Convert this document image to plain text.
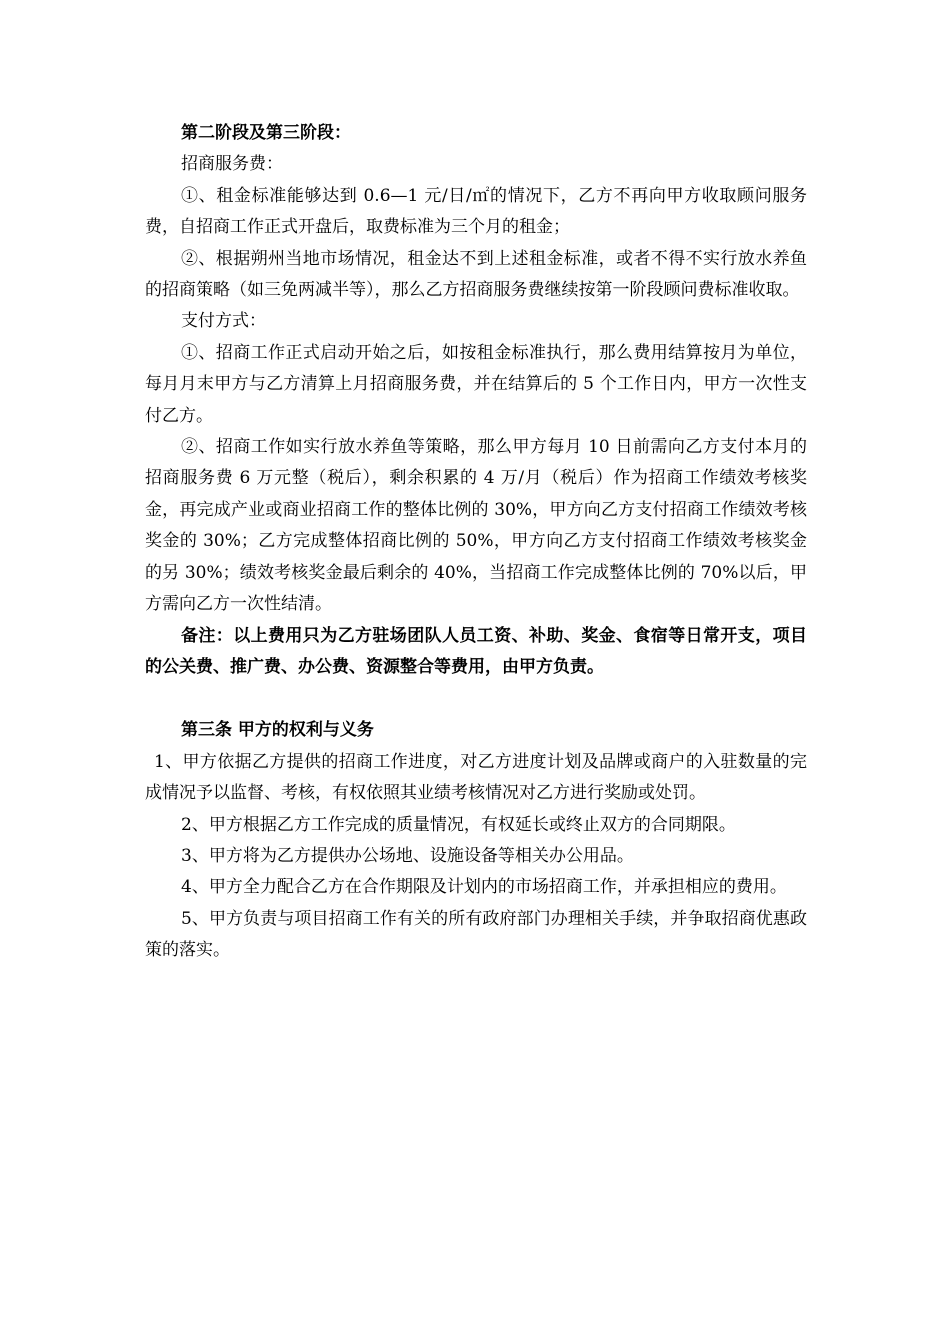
第二阶段及第三阶段：

招商服务费：

①、租金标准能够达到 0.6—1 元/日/㎡的情况下，乙方不再向甲方收取顾问服务费，自招商工作正式开盘后，取费标准为三个月的租金；

②、根据朔州当地市场情况，租金达不到上述租金标准，或者不得不实行放水养鱼的招商策略（如三免两减半等），那么乙方招商服务费继续按第一阶段顾问费标准收取。

支付方式：

①、招商工作正式启动开始之后，如按租金标准执行，那么费用结算按月为单位，每月月末甲方与乙方清算上月招商服务费，并在结算后的 5 个工作日内，甲方一次性支付乙方。

②、招商工作如实行放水养鱼等策略，那么甲方每月 10 日前需向乙方支付本月的招商服务费 6 万元整（税后），剩余积累的 4 万/月（税后）作为招商工作绩效考核奖金，再完成产业或商业招商工作的整体比例的 30%，甲方向乙方支付招商工作绩效考核奖金的 30%；乙方完成整体招商比例的 50%，甲方向乙方支付招商工作绩效考核奖金的另 30%；绩效考核奖金最后剩余的 40%，当招商工作完成整体比例的 70%以后，甲方需向乙方一次性结清。

备注：以上费用只为乙方驻场团队人员工资、补助、奖金、食宿等日常开支，项目的公关费、推广费、办公费、资源整合等费用，由甲方负责。

第三条 甲方的权利与义务

1、甲方依据乙方提供的招商工作进度，对乙方进度计划及品牌或商户的入驻数量的完成情况予以监督、考核，有权依照其业绩考核情况对乙方进行奖励或处罚。

2、甲方根据乙方工作完成的质量情况，有权延长或终止双方的合同期限。

3、甲方将为乙方提供办公场地、设施设备等相关办公用品。

4、甲方全力配合乙方在合作期限及计划内的市场招商工作，并承担相应的费用。

5、甲方负责与项目招商工作有关的所有政府部门办理相关手续，并争取招商优惠政策的落实。
